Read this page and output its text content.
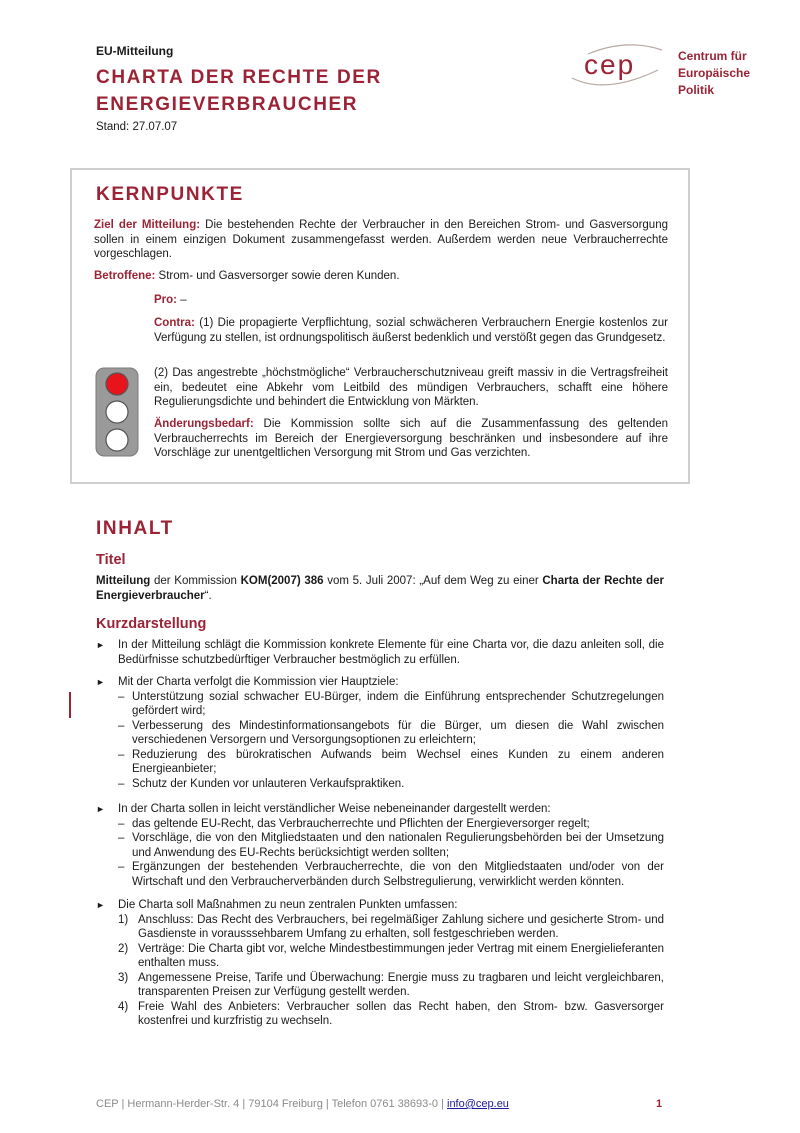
EU-Mitteilung
CHARTA DER RECHTE DER
ENERGIEVERBRAUCHER
Stand: 27.07.07
cep	Centrum für
Europäische
Politik
KERNPUNKTE
Ziel der Mitteilung: Die bestehenden Rechte der Verbraucher in den Bereichen Strom- und Gasversorgung sollen in einem einzigen Dokument zusammengefasst werden. Außerdem werden neue Verbraucherrechte vorgeschlagen.
Betroffene: Strom- und Gasversorger sowie deren Kunden.
Pro: –
Contra: (1) Die propagierte Verpflichtung, sozial schwächeren Verbrauchern Energie kostenlos zur Verfügung zu stellen, ist ordnungspolitisch äußerst bedenklich und verstößt gegen das Grundgesetz.
(2) Das angestrebte „höchstmögliche“ Verbraucherschutzniveau greift massiv in die Vertragsfreiheit ein, bedeutet eine Abkehr vom Leitbild des mündigen Verbrauchers, schafft eine höhere Regulierungsdichte und behindert die Entwicklung von Märkten.
Änderungsbedarf: Die Kommission sollte sich auf die Zusammenfassung des geltenden Verbraucherrechts im Bereich der Energieversorgung beschränken und insbesondere auf ihre Vorschläge zur unentgeltlichen Versorgung mit Strom und Gas verzichten.
INHALT
Titel
Mitteilung der Kommission KOM(2007) 386 vom 5. Juli 2007: „Auf dem Weg zu einer Charta der Rechte der Energieverbraucher“.
Kurzdarstellung
► In der Mitteilung schlägt die Kommission konkrete Elemente für eine Charta vor, die dazu anleiten soll, die Bedürfnisse schutzbedürftiger Verbraucher bestmöglich zu erfüllen.
► Mit der Charta verfolgt die Kommission vier Hauptziele:
– Unterstützung sozial schwacher EU-Bürger, indem die Einführung entsprechender Schutzregelungen gefördert wird;
– Verbesserung des Mindestinformationsangebots für die Bürger, um diesen die Wahl zwischen verschiedenen Versorgern und Versorgungsoptionen zu erleichtern;
– Reduzierung des bürokratischen Aufwands beim Wechsel eines Kunden zu einem anderen Energieanbieter;
– Schutz der Kunden vor unlauteren Verkaufspraktiken.
► In der Charta sollen in leicht verständlicher Weise nebeneinander dargestellt werden:
– das geltende EU-Recht, das Verbraucherrechte und Pflichten der Energieversorger regelt;
– Vorschläge, die von den Mitgliedstaaten und den nationalen Regulierungsbehörden bei der Umsetzung und Anwendung des EU-Rechts berücksichtigt werden sollten;
– Ergänzungen der bestehenden Verbraucherrechte, die von den Mitgliedstaaten und/oder von der Wirtschaft und den Verbraucherverbänden durch Selbstregulierung, verwirklicht werden könnten.
► Die Charta soll Maßnahmen zu neun zentralen Punkten umfassen:
1) Anschluss: Das Recht des Verbrauchers, bei regelmäßiger Zahlung sichere und gesicherte Strom- und Gasdienste in vorausssehbarem Umfang zu erhalten, soll festgeschrieben werden.
2) Verträge: Die Charta gibt vor, welche Mindestbestimmungen jeder Vertrag mit einem Energielieferanten enthalten muss.
3) Angemessene Preise, Tarife und Überwachung: Energie muss zu tragbaren und leicht vergleichbaren, transparenten Preisen zur Verfügung gestellt werden.
4) Freie Wahl des Anbieters: Verbraucher sollen das Recht haben, den Strom- bzw. Gasversorger kostenfrei und kurzfristig zu wechseln.
CEP | Hermann-Herder-Str. 4 | 79104 Freiburg | Telefon 0761 38693-0 | info@cep.eu	1
